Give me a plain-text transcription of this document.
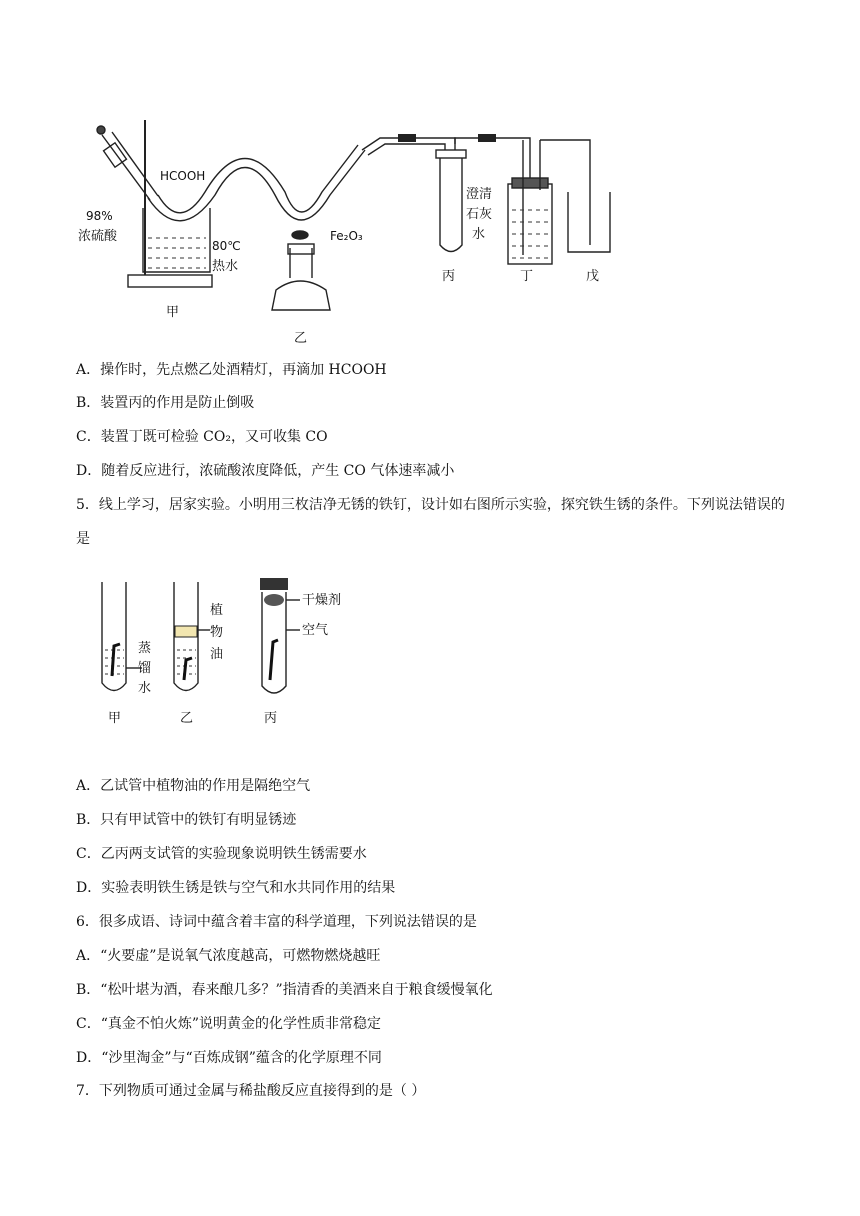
HCOOH
98%
浓硫酸
80℃
热水
Fe₂O₃
澄清
石灰
水
甲
乙
丙	丁	戊
A．操作时，先点燃乙处酒精灯，再滴加 HCOOH
B．装置丙的作用是防止倒吸
C．装置丁既可检验 CO₂，又可收集 CO
D．随着反应进行，浓硫酸浓度降低，产生 CO 气体速率减小
5．线上学习，居家实验。小明用三枚洁净无锈的铁钉，设计如右图所示实验，探究铁生锈的条件。下列说法错误的是
植
物
油
蒸
馏
水
干燥剂
空气
甲	乙	丙
A．乙试管中植物油的作用是隔绝空气
B．只有甲试管中的铁钉有明显锈迹
C．乙丙两支试管的实验现象说明铁生锈需要水
D．实验表明铁生锈是铁与空气和水共同作用的结果
6．很多成语、诗词中蕴含着丰富的科学道理，下列说法错误的是
A．“火要虚”是说氧气浓度越高，可燃物燃烧越旺
B．“松叶堪为酒，春来酿几多？”指清香的美酒来自于粮食缓慢氧化
C．“真金不怕火炼”说明黄金的化学性质非常稳定
D．“沙里淘金”与“百炼成钢”蕴含的化学原理不同
7．下列物质可通过金属与稀盐酸反应直接得到的是（ ）
